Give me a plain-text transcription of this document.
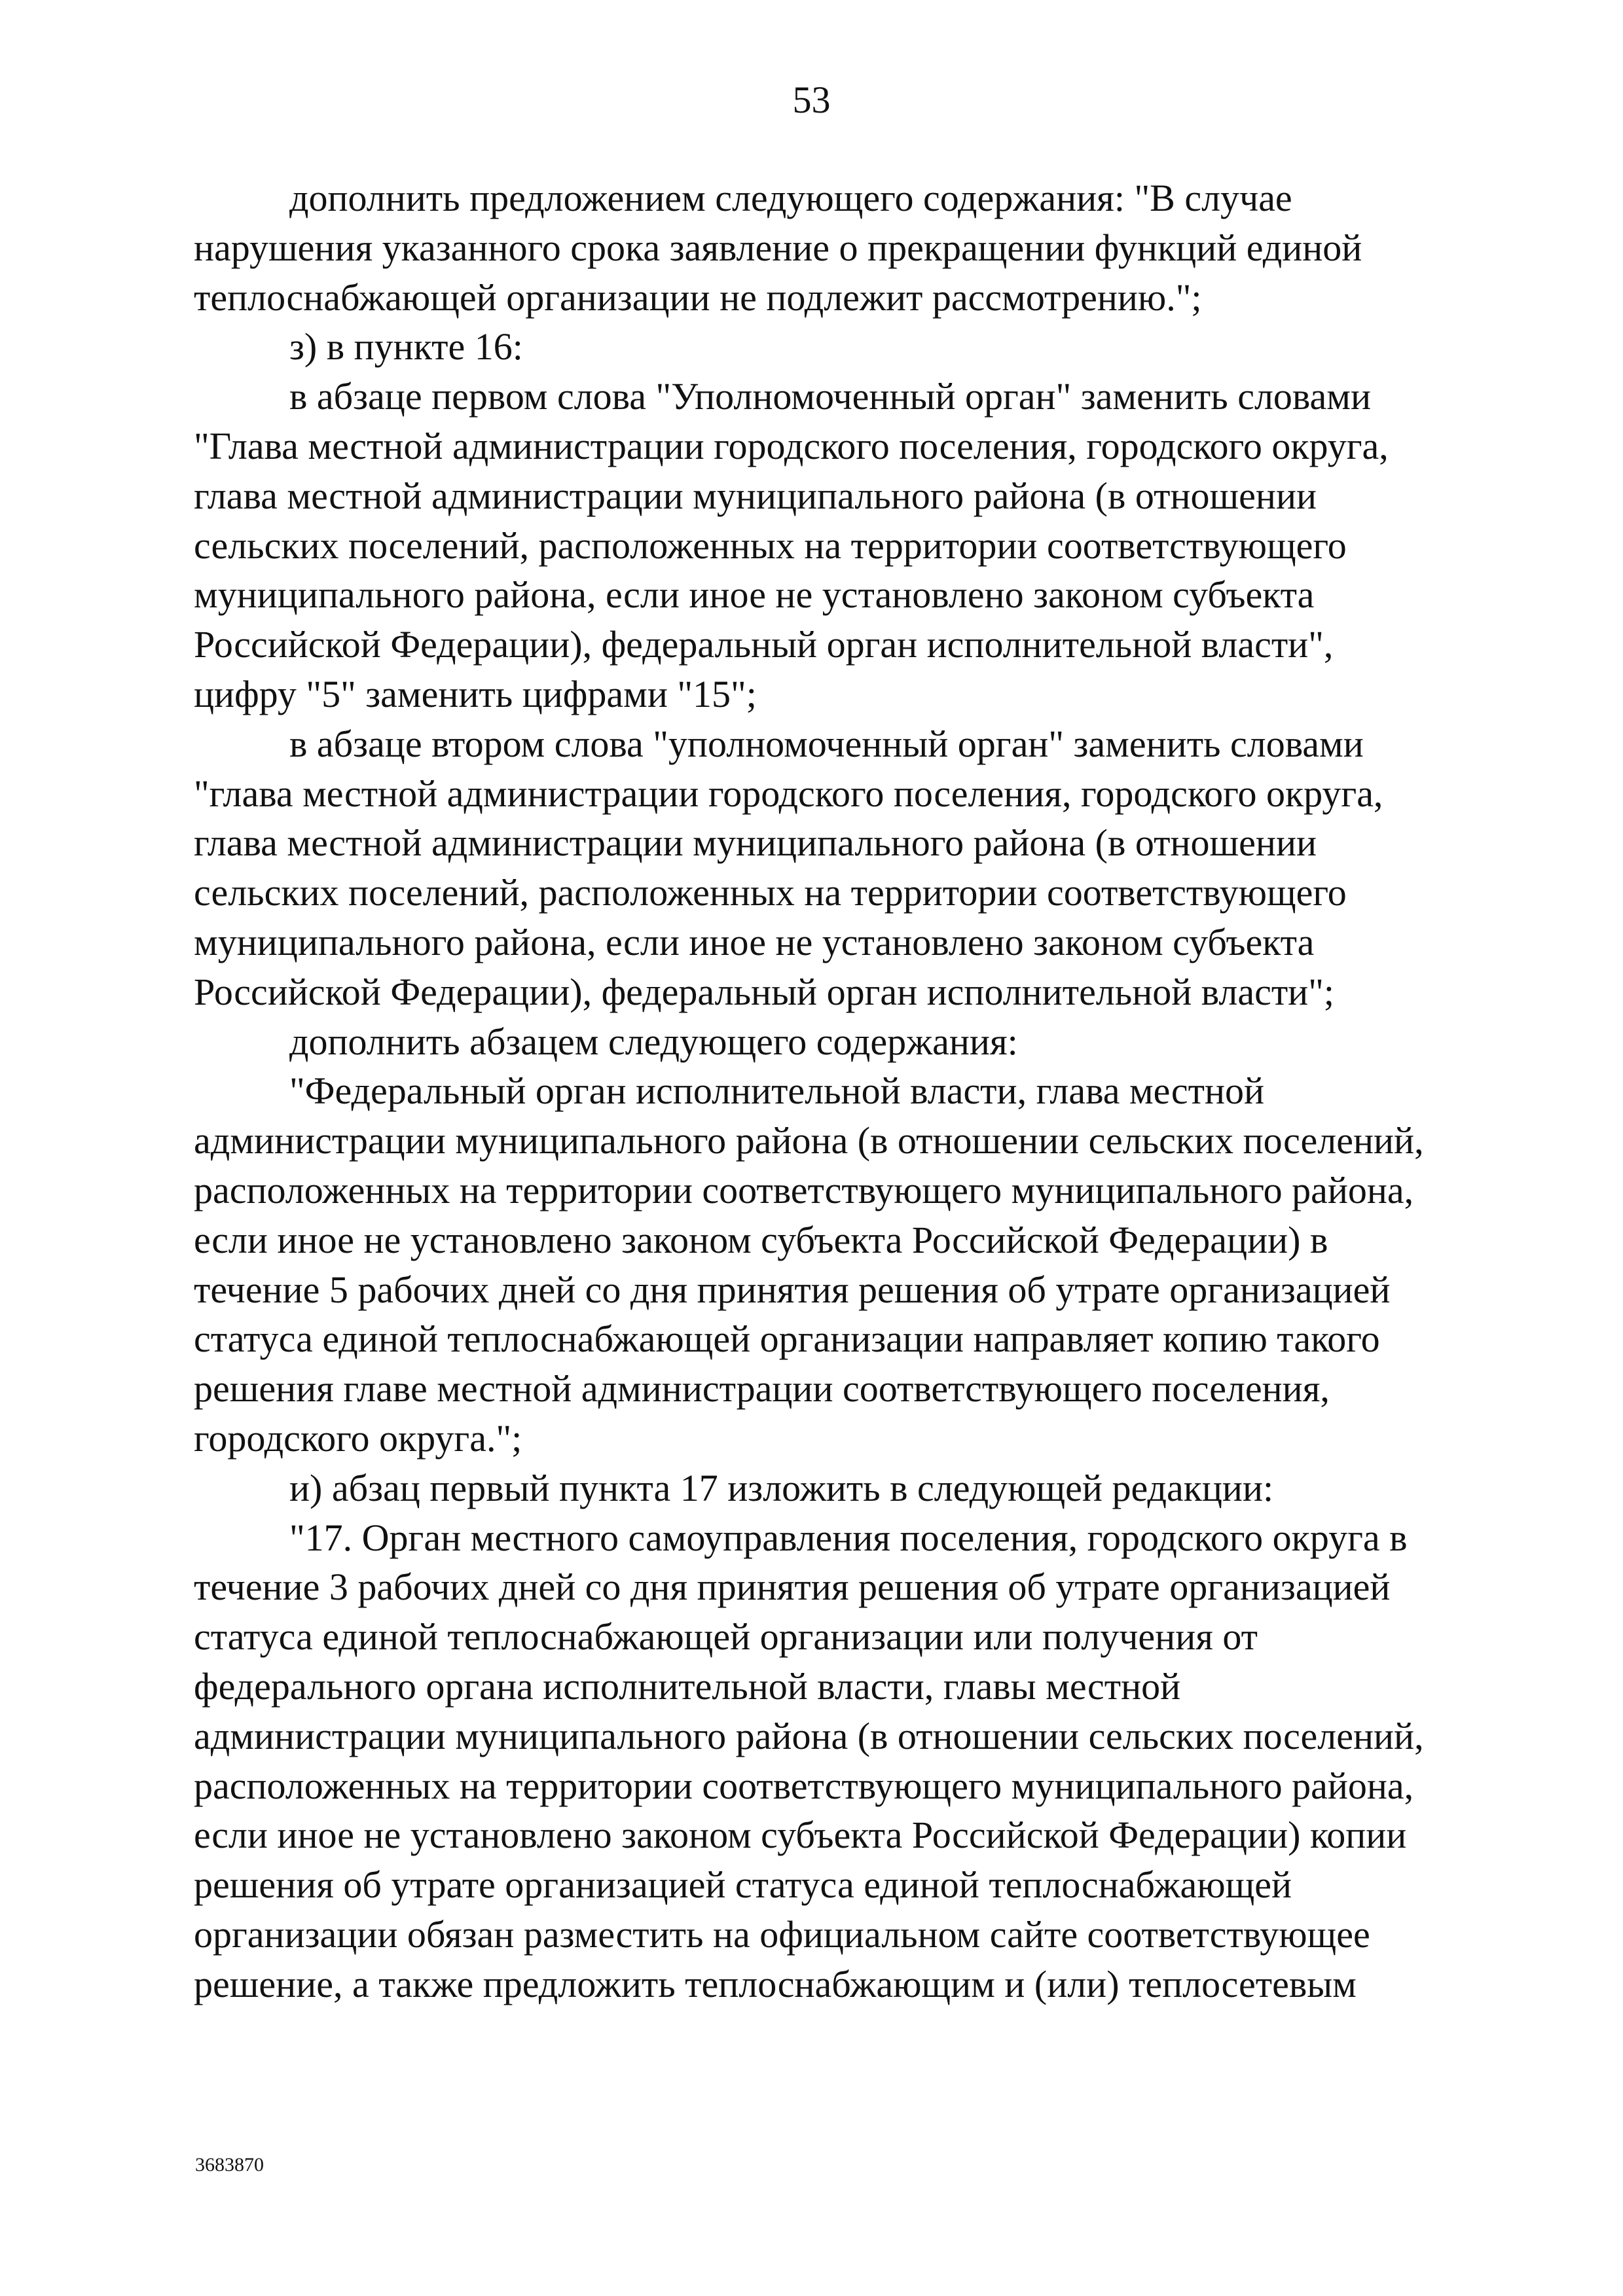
53

дополнить предложением следующего содержания: "В случае
нарушения указанного срока заявление о прекращении функций единой
теплоснабжающей организации не подлежит рассмотрению.";

з) в пункте 16:

в абзаце первом слова "Уполномоченный орган" заменить словами
"Глава местной администрации городского поселения, городского округа,
глава местной администрации муниципального района (в отношении
сельских поселений, расположенных на территории соответствующего
муниципального района, если иное не установлено законом субъекта
Российской Федерации), федеральный орган исполнительной власти",
цифру "5" заменить цифрами "15";

в абзаце втором слова "уполномоченный орган" заменить словами
"глава местной администрации городского поселения, городского округа,
глава местной администрации муниципального района (в отношении
сельских поселений, расположенных на территории соответствующего
муниципального района, если иное не установлено законом субъекта
Российской Федерации), федеральный орган исполнительной власти";

дополнить абзацем следующего содержания:

"Федеральный орган исполнительной власти, глава местной
администрации муниципального района (в отношении сельских поселений,
расположенных на территории соответствующего муниципального района,
если иное не установлено законом субъекта Российской Федерации) в
течение 5 рабочих дней со дня принятия решения об утрате организацией
статуса единой теплоснабжающей организации направляет копию такого
решения главе местной администрации соответствующего поселения,
городского округа.";

и) абзац первый пункта 17 изложить в следующей редакции:

"17. Орган местного самоуправления поселения, городского округа в
течение 3 рабочих дней со дня принятия решения об утрате организацией
статуса единой теплоснабжающей организации или получения от
федерального органа исполнительной власти, главы местной
администрации муниципального района (в отношении сельских поселений,
расположенных на территории соответствующего муниципального района,
если иное не установлено законом субъекта Российской Федерации) копии
решения об утрате организацией статуса единой теплоснабжающей
организации обязан разместить на официальном сайте соответствующее
решение, а также предложить теплоснабжающим и (или) теплосетевым

3683870
